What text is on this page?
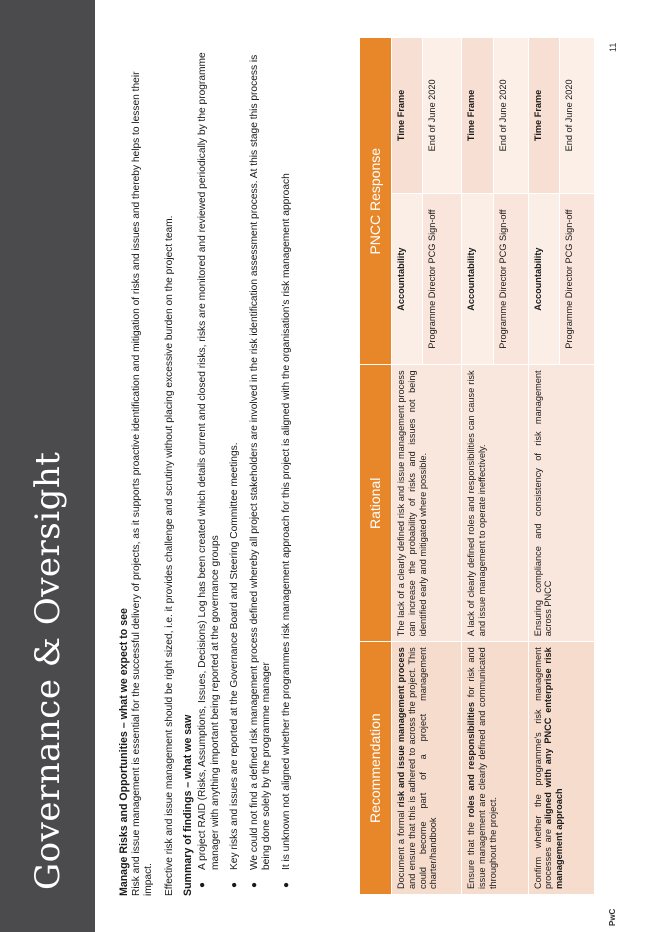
Governance & Oversight	Manage Risks and Opportunities – what we expect to see Risk and issue management is essential for the successful delivery of projects, as it supports proactive identification and mitigation of risks and issues and thereby helps to lessen their impact. Effective risk and issue management should be right sized, i.e. it provides challenge and scrutiny without placing excessive burden on the project team. Summary of findings – what we saw ●
A project RAID (Risks, Assumptions, Issues, Decisions) Log has been created which details current and closed risks, risks are monitored and reviewed periodically by the programme manager with anything important being reported at the governance groups
●
Key risks and issues are reported at the Governance Board and Steering Committee meetings.
●
We could not find a defined risk management process defined whereby all project stakeholders are involved in the risk identification assessment process. At this stage this process is being done solely by the programme manager
●
It is unknown not aligned whether the programmes risk management approach for this project is aligned with the organisation's risk management approach	Recommendation	Rational	PNCC Response	
Document a formal risk and issue management process and ensure that this is adhered to across the project. This could become part of a project management charter/handbook	The lack of a clearly defined risk and issue management process can increase the probability of risks and issues not being identified early and mitigated where possible.	Accountability	Time Frame
		Programme Director PCG Sign-off	End of June 2020
Ensure that the roles and responsibilities for risk and issue management are clearly defined and communicated throughout the project.	A lack of clearly defined roles and responsibilities can cause risk and issue management to operate ineffectively.	Accountability	Time Frame
		Programme Director PCG Sign-off	End of June 2020
Confirm whether the programme's risk management processes are aligned with any PNCC enterprise risk management approach	Ensuring compliance and consistency of risk management across PNCC	Accountability	Time Frame
		Programme Director PCG Sign-off	End of June 2020
PwC
11
